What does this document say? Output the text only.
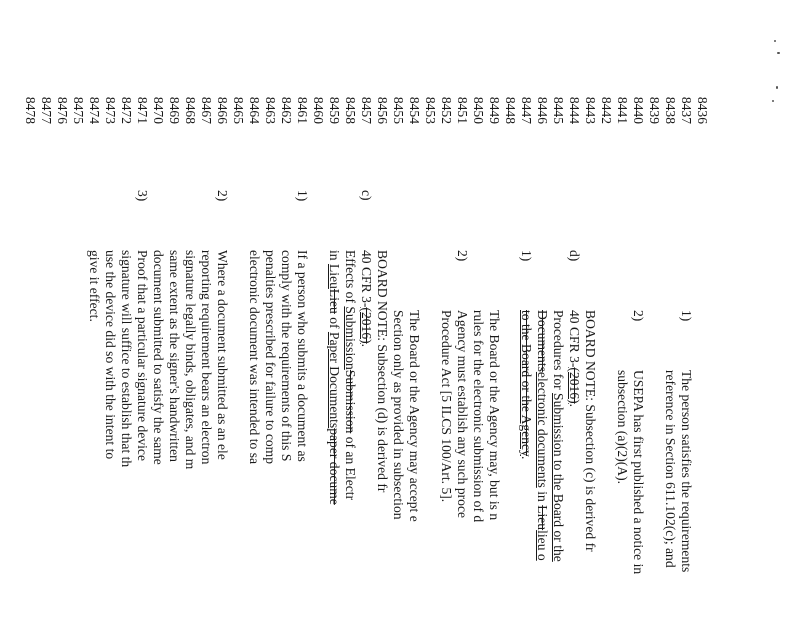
8436
8437
8438
8439
8440
8441
8442
8443
8444
8445
8446
8447
8448
8449
8450
8451
8452
8453
8454
8455
8456
8457
8458
8459
8460
8461
8462
8463
8464
8465
8466
8467
8468
8469
8470
8471
8472
8473
8474
8475
8476
8477
8478
1)
2)
d)
1)
2)
c)
1)
2)
3)
The person satisfies the requirements
reference in Section 611.102(c); and
USEPA has first published a notice in
subsection (a)(2)(A).
BOARD NOTE: Subsection (c) is derived fr
40 CFR 3-(2016).
Procedures for Submission to the Board or the
Documentselectronic documents in Lieulieu o
to the Board or the Agency.
The Board or the Agency may, but is n
rules for the electronic submission of d
Agency must establish any such proce
Procedure Act [5 ILCS 100/Art. 5].
The Board or the Agency may accept e
Section only as provided in subsection
BOARD NOTE: Subsection (d) is derived fr
40 CFR 3-(2016).
Effects of SubmissionSubmission of an Electr
in LieuLieu of Paper Documentspaper docume
If a person who submits a document as
comply with the requirements of this S
penalties prescribed for failure to comp
electronic document was intended to sa
Where a document submitted as an ele
reporting requirement bears an electron
signature legally binds, obligates, and m
same extent as the signer's handwritten
document submitted to satisfy the same
Proof that a particular signature device
signature will suffice to establish that th
use the device did so with the intent to
give it effect.
